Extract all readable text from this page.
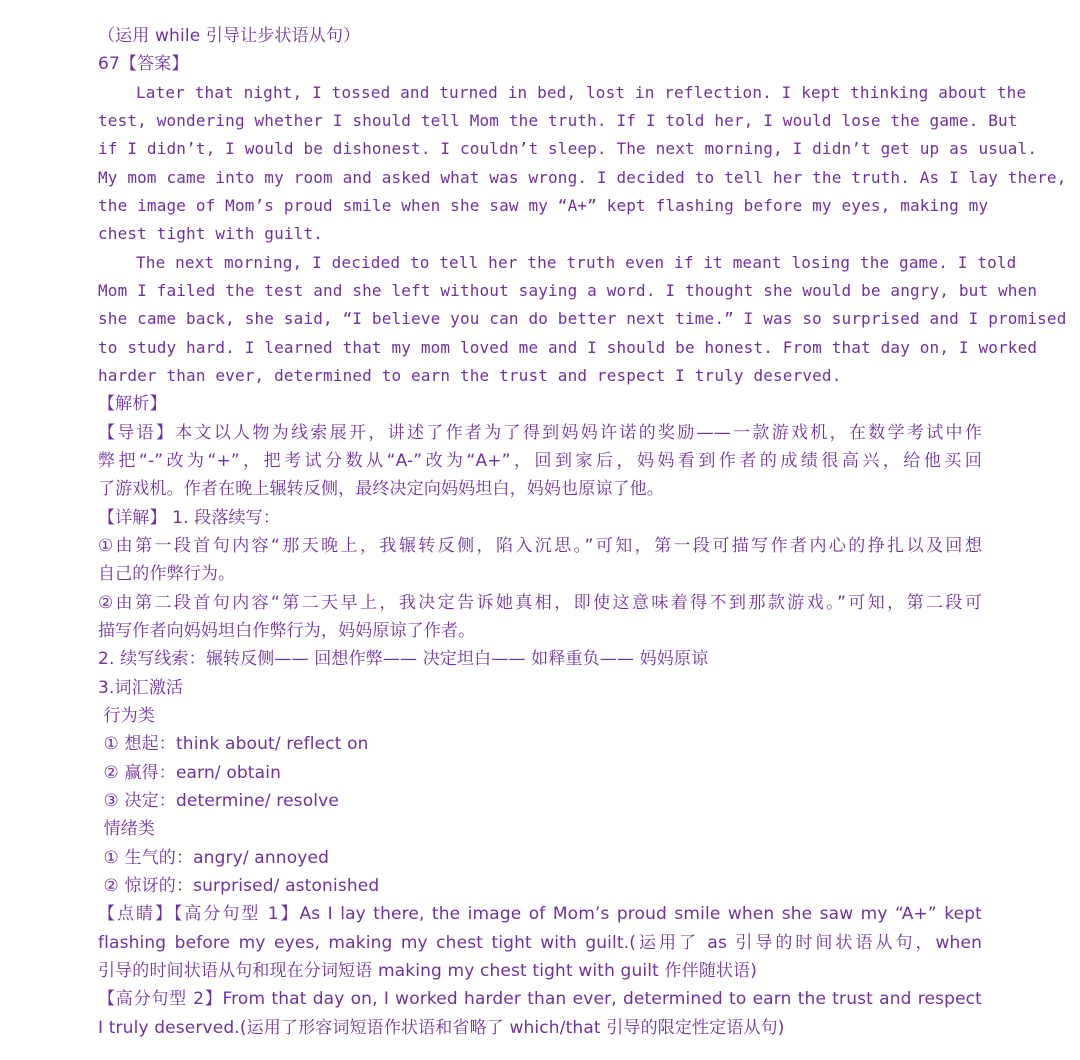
（运用 while 引导让步状语从句）
67【答案】
Later that night, I tossed and turned in bed, lost in reflection. I kept thinking about the
test, wondering whether I should tell Mom the truth. If I told her, I would lose the game. But
if I didn’t, I would be dishonest. I couldn’t sleep. The next morning, I didn’t get up as usual.
My mom came into my room and asked what was wrong. I decided to tell her the truth. As I lay there,
the image of Mom’s proud smile when she saw my “A+” kept flashing before my eyes, making my
chest tight with guilt.
The next morning, I decided to tell her the truth even if it meant losing the game. I told
Mom I failed the test and she left without saying a word. I thought she would be angry, but when
she came back, she said, “I believe you can do better next time.” I was so surprised and I promised
to study hard. I learned that my mom loved me and I should be honest. From that day on, I worked
harder than ever, determined to earn the trust and respect I truly deserved.
【解析】
【导语】本文以人物为线索展开，讲述了作者为了得到妈妈许诺的奖励——一款游戏机，在数学考试中作
弊把“-”改为“+”，把考试分数从“A-”改为“A+”，回到家后，妈妈看到作者的成绩很高兴，给他买回
了游戏机。作者在晚上辗转反侧，最终决定向妈妈坦白，妈妈也原谅了他。
【详解】 1. 段落续写：
①由第一段首句内容“那天晚上，我辗转反侧，陷入沉思。”可知，第一段可描写作者内心的挣扎以及回想
自己的作弊行为。
②由第二段首句内容“第二天早上，我决定告诉她真相，即使这意味着得不到那款游戏。”可知，第二段可
描写作者向妈妈坦白作弊行为，妈妈原谅了作者。
2. 续写线索：辗转反侧—— 回想作弊—— 决定坦白—— 如释重负—— 妈妈原谅
3.词汇激活
行为类
① 想起：think about/ reflect on
② 赢得：earn/ obtain
③ 决定：determine/ resolve
情绪类
① 生气的：angry/ annoyed
② 惊讶的：surprised/ astonished
【点睛】【高分句型 1】As I lay there, the image of Mom’s proud smile when she saw my “A+” kept
flashing before my eyes, making my chest tight with guilt.(运用了 as 引导的时间状语从句，when
引导的时间状语从句和现在分词短语 making my chest tight with guilt 作伴随状语)
【高分句型 2】From that day on, I worked harder than ever, determined to earn the trust and respect
I truly deserved.(运用了形容词短语作状语和省略了 which/that 引导的限定性定语从句)
